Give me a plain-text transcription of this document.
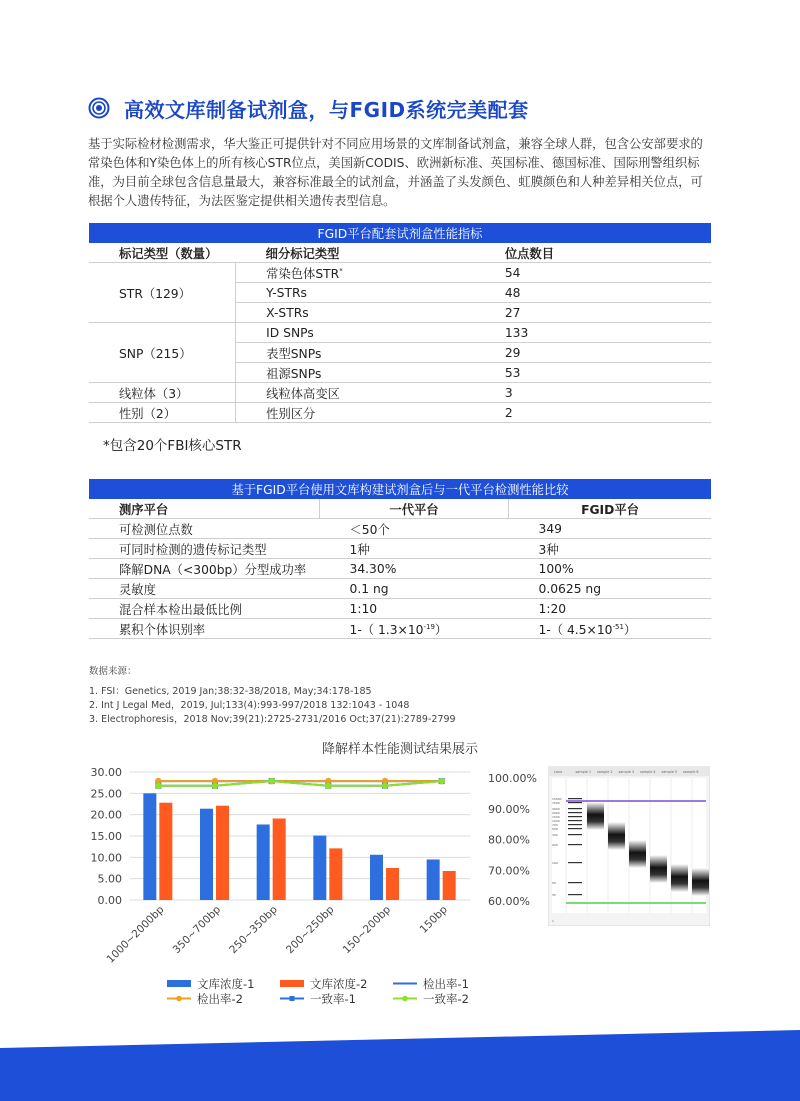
高效文库制备试剂盒，与FGID系统完美配套
基于实际检材检测需求，华大鉴正可提供针对不同应用场景的文库制备试剂盒，兼容全球人群，包含公安部要求的常染色体和Y染色体上的所有核心STR位点，美国新CODIS、欧洲新标准、英国标准、德国标准、国际刑警组织标准，为目前全球包含信息量最大，兼容标准最全的试剂盒，并涵盖了头发颜色、虹膜颜色和人种差异相关位点，可根据个人遗传特征，为法医鉴定提供相关遗传表型信息。
FGID平台配套试剂盒性能指标		
标记类型（数量）	细分标记类型	位点数目
STR（129）	常染色体STR*	54
	Y-STRs	48
	X-STRs	27
SNP（215）	ID SNPs	133
	表型SNPs	29
	祖源SNPs	53
线粒体（3）	线粒体高变区	3
性别（2）	性别区分	2
*包含20个FBI核心STR
基于FGID平台使用文库构建试剂盒后与一代平台检测性能比较		
测序平台	一代平台	FGID平台
可检测位点数	＜50个	349
可同时检测的遗传标记类型	1种	3种
降解DNA（<300bp）分型成功率	34.30%	100%
灵敏度	0.1 ng	0.0625 ng
混合样本检出最低比例	1:10	1:20
累积个体识别率	1-（ $1.3\times 10^{-19}$）	1-（ $4.5\times 10^{-51}$）
数据来源：
1. FSI：Genetics, 2019 Jan;38:32-38/2018, May;34:178-185
2. Int J Legal Med，2019, Jul;133(4):993-997/2018 132:1043 - 1048
3. Electrophoresis，2018 Nov;39(21):2725-2731/2016 Oct;37(21):2789-2799
降解样本性能测试结果展示
30.00
25.00
20.00
15.00
10.00
5.00
0.00
100.00%
90.00%
80.00%
70.00%
60.00%
1000~2000bp 350~700bp 250~350bp 200~250bp 150~200bp 150bp
文库浓度-1	文库浓度-2	检出率-1
检出率-2	一致率-1	一致率-2
Lane	sample 1 sample 2 sample 3 sample 4 sample 5 sample 6
15000
7000
3000
2000
1500
1000
700
500
300
200
100
50
35
1
